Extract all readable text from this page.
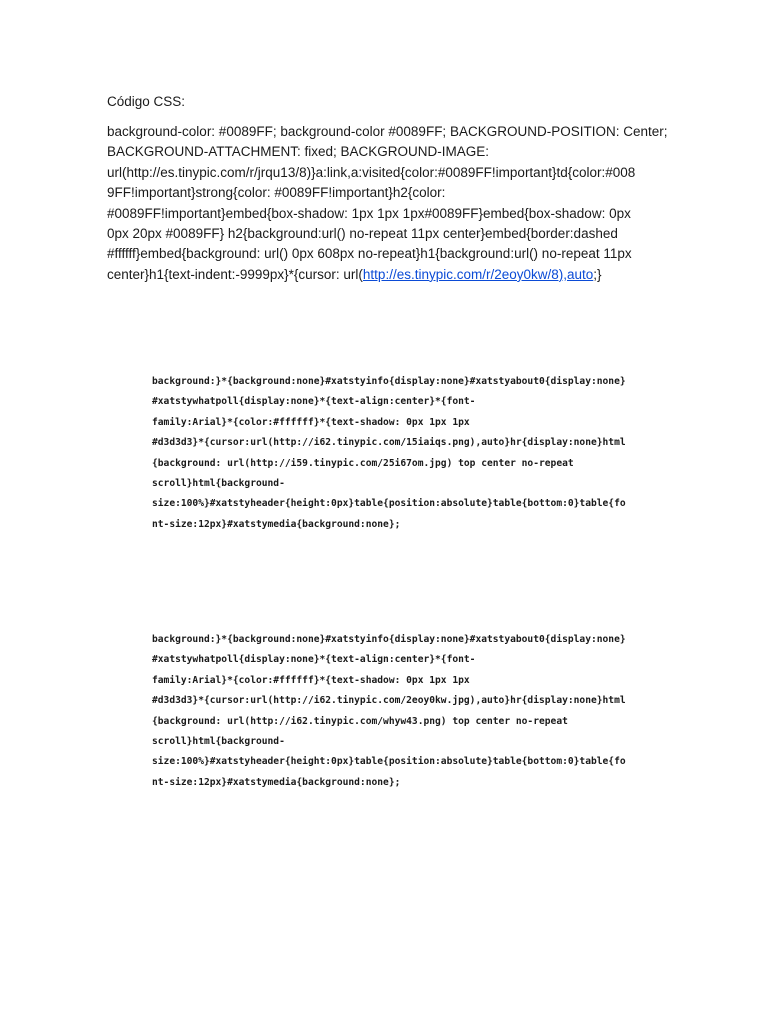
Código CSS:
background-color: #0089FF; background-color #0089FF; BACKGROUND-POSITION: Center;
BACKGROUND-ATTACHMENT: fixed; BACKGROUND-IMAGE:
url(http://es.tinypic.com/r/jrqu13/8)}a:link,a:visited{color:#0089FF!important}td{color:#008
9FF!important}strong{color: #0089FF!important}h2{color:
#0089FF!important}embed{box-shadow: 1px 1px 1px#0089FF}embed{box-shadow: 0px
0px 20px #0089FF} h2{background:url() no-repeat 11px center}embed{border:dashed
#ffffff}embed{background: url() 0px 608px no-repeat}h1{background:url() no-repeat 11px
center}h1{text-indent:-9999px}*{cursor: url(http://es.tinypic.com/r/2eoy0kw/8),auto;}
background:}*{background:none}#xatstyinfo{display:none}#xatstyabout0{display:none}
#xatstywhatpoll{display:none}*{text-align:center}*{font-
family:Arial}*{color:#ffffff}*{text-shadow: 0px 1px 1px
#d3d3d3}*{cursor:url(http://i62.tinypic.com/15iaiqs.png),auto}hr{display:none}html
{background: url(http://i59.tinypic.com/25i67om.jpg) top center no-repeat
scroll}html{background-
size:100%}#xatstyheader{height:0px}table{position:absolute}table{bottom:0}table{fo
nt-size:12px}#xatstymedia{background:none};
background:}*{background:none}#xatstyinfo{display:none}#xatstyabout0{display:none}
#xatstywhatpoll{display:none}*{text-align:center}*{font-
family:Arial}*{color:#ffffff}*{text-shadow: 0px 1px 1px
#d3d3d3}*{cursor:url(http://i62.tinypic.com/2eoy0kw.jpg),auto}hr{display:none}html
{background: url(http://i62.tinypic.com/whyw43.png) top center no-repeat
scroll}html{background-
size:100%}#xatstyheader{height:0px}table{position:absolute}table{bottom:0}table{fo
nt-size:12px}#xatstymedia{background:none};
